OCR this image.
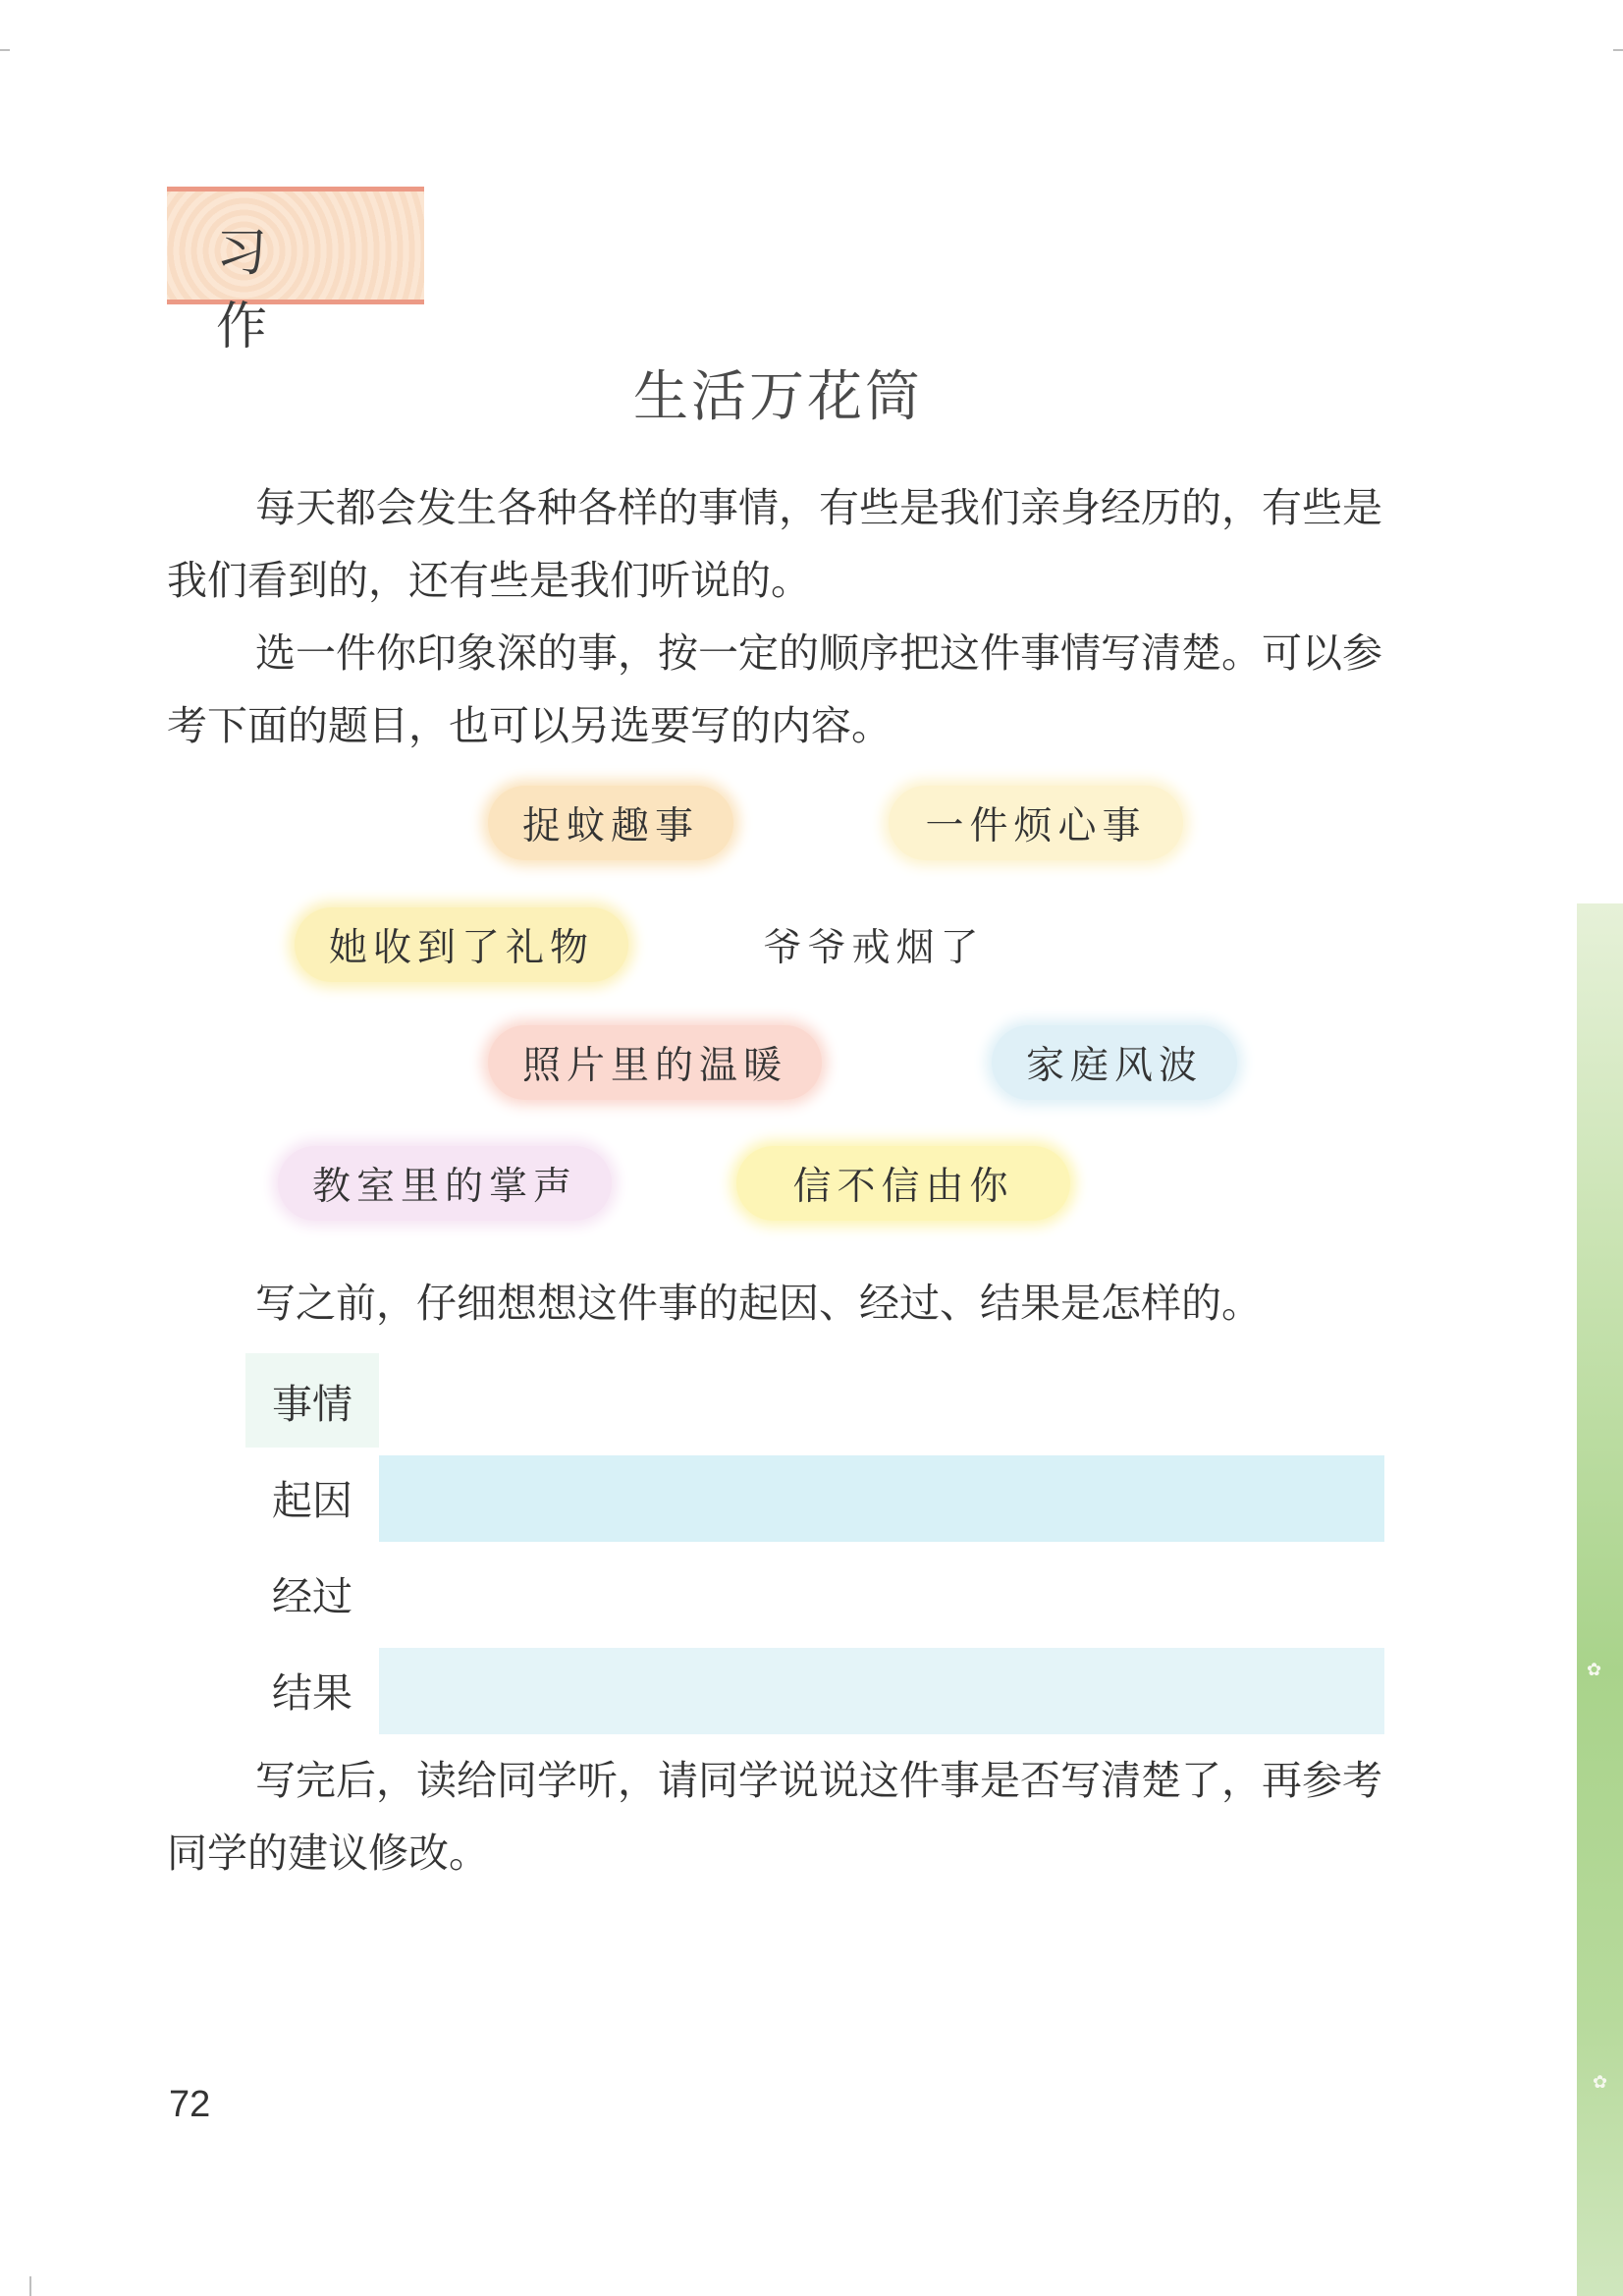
✿
✿
习 作
生活万花筒

每天都会发生各种各样的事情，有些是我们亲身经历的，有些是我们看到的，还有些是我们听说的。

选一件你印象深的事，按一定的顺序把这件事情写清楚。可以参考下面的题目，也可以另选要写的内容。

捉蚊趣事	一件烦心事
她收到了礼物	爷爷戒烟了
照片里的温暖	家庭风波
教室里的掌声	信不信由你

写之前，仔细想想这件事的起因、经过、结果是怎样的。

事情
起因
经过
结果

写完后，读给同学听，请同学说说这件事是否写清楚了，再参考同学的建议修改。

72
